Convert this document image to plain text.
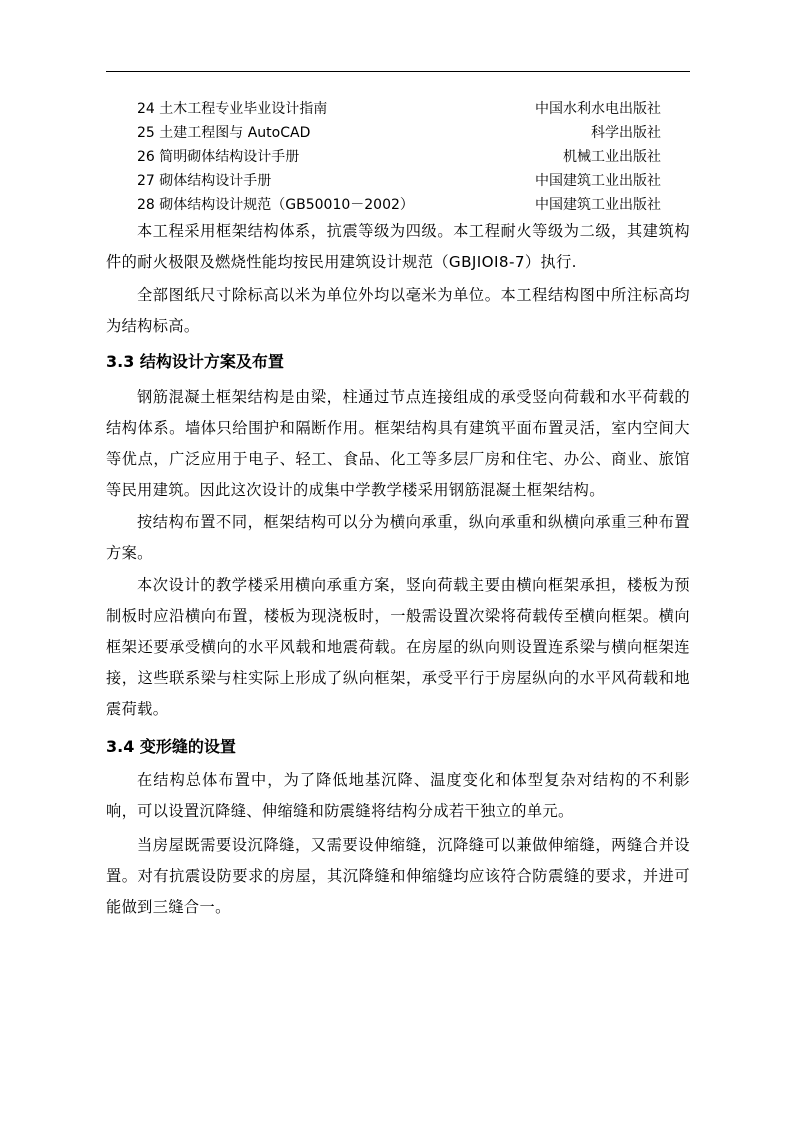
24 土木工程专业毕业设计指南	中国水利水电出版社
25 土建工程图与 AutoCAD	科学出版社
26 简明砌体结构设计手册	机械工业出版社
27 砌体结构设计手册	中国建筑工业出版社
28 砌体结构设计规范（GB50010－2002）	中国建筑工业出版社

本工程采用框架结构体系，抗震等级为四级。本工程耐火等级为二级，其建筑构件的耐火极限及燃烧性能均按民用建筑设计规范（GBJIOI8-7）执行.

全部图纸尺寸除标高以米为单位外均以毫米为单位。本工程结构图中所注标高均为结构标高。

3.3 结构设计方案及布置

钢筋混凝土框架结构是由梁，柱通过节点连接组成的承受竖向荷载和水平荷载的结构体系。墙体只给围护和隔断作用。框架结构具有建筑平面布置灵活，室内空间大等优点，广泛应用于电子、轻工、食品、化工等多层厂房和住宅、办公、商业、旅馆等民用建筑。因此这次设计的成集中学教学楼采用钢筋混凝土框架结构。

按结构布置不同，框架结构可以分为横向承重，纵向承重和纵横向承重三种布置方案。

本次设计的教学楼采用横向承重方案，竖向荷载主要由横向框架承担，楼板为预制板时应沿横向布置，楼板为现浇板时，一般需设置次梁将荷载传至横向框架。横向框架还要承受横向的水平风载和地震荷载。在房屋的纵向则设置连系梁与横向框架连接，这些联系梁与柱实际上形成了纵向框架，承受平行于房屋纵向的水平风荷载和地震荷载。

3.4 变形缝的设置

在结构总体布置中，为了降低地基沉降、温度变化和体型复杂对结构的不利影响，可以设置沉降缝、伸缩缝和防震缝将结构分成若干独立的单元。

当房屋既需要设沉降缝，又需要设伸缩缝，沉降缝可以兼做伸缩缝，两缝合并设置。对有抗震设防要求的房屋，其沉降缝和伸缩缝均应该符合防震缝的要求，并进可能做到三缝合一。
